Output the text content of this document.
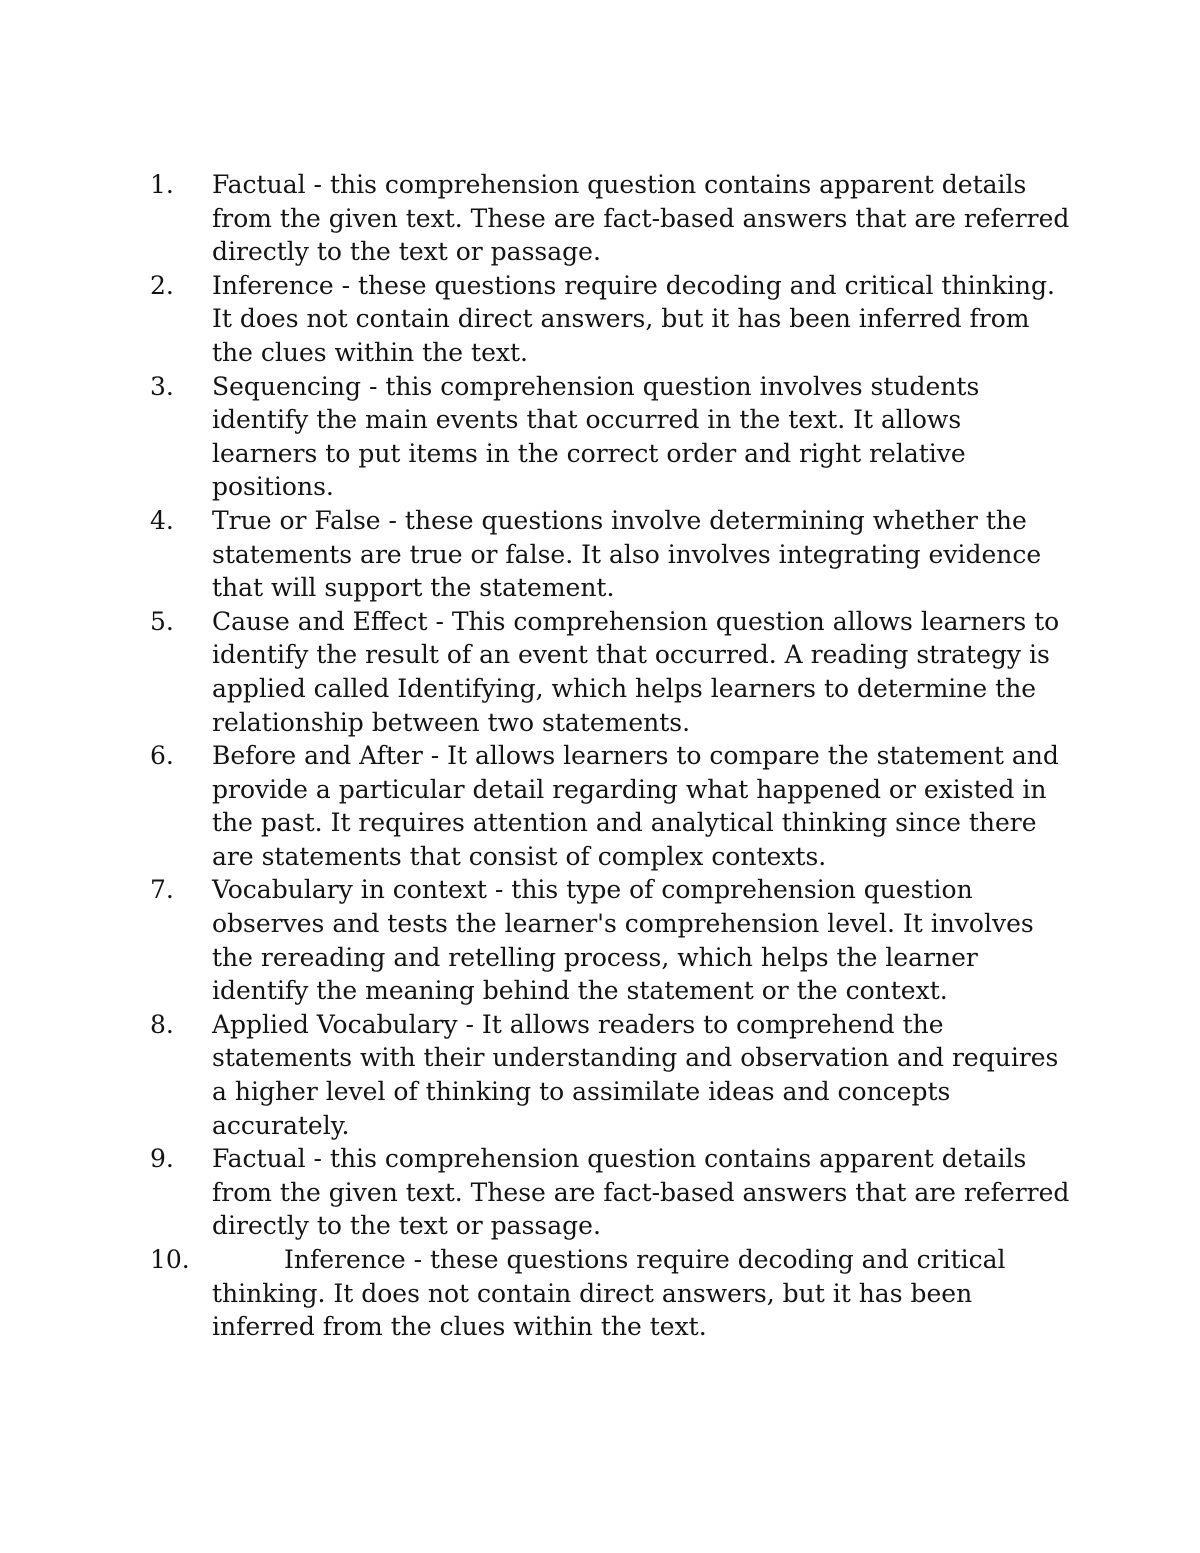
1.	Factual - this comprehension question contains apparent details from the given text. These are fact-based answers that are referred directly to the text or passage.
2.	Inference - these questions require decoding and critical thinking. It does not contain direct answers, but it has been inferred from the clues within the text.
3.	Sequencing - this comprehension question involves students identify the main events that occurred in the text. It allows learners to put items in the correct order and right relative positions.
4.	True or False - these questions involve determining whether the statements are true or false. It also involves integrating evidence that will support the statement.
5.	Cause and Effect - This comprehension question allows learners to identify the result of an event that occurred. A reading strategy is applied called Identifying, which helps learners to determine the relationship between two statements.
6.	Before and After - It allows learners to compare the statement and provide a particular detail regarding what happened or existed in the past. It requires attention and analytical thinking since there are statements that consist of complex contexts.
7.	Vocabulary in context - this type of comprehension question observes and tests the learner's comprehension level. It involves the rereading and retelling process, which helps the learner identify the meaning behind the statement or the context.
8.	Applied Vocabulary - It allows readers to comprehend the statements with their understanding and observation and requires a higher level of thinking to assimilate ideas and concepts accurately.
9.	Factual - this comprehension question contains apparent details from the given text. These are fact-based answers that are referred directly to the text or passage.
10.	Inference - these questions require decoding and critical thinking. It does not contain direct answers, but it has been inferred from the clues within the text.
